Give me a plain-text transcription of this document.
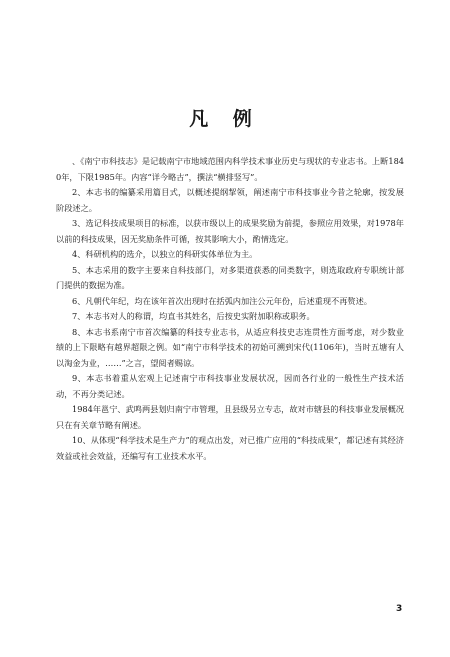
凡 例

、《南宁市科技志》是记载南宁市地域范围内科学技术事业历史与现状的专业志书。上断1840年，下限1985年。内容“详今略古”，撰法“横排竖写”。

2、本志书的编纂采用篇目式，以概述提纲挈领，阐述南宁市科技事业今昔之轮廓，按发展阶段述之。

3、选记科技成果项目的标准，以获市级以上的成果奖励为前提，参照应用效果，对1978年以前的科技成果，因无奖励条件可循，按其影响大小，酌情选定。

4、科研机构的选介，以独立的科研实体单位为主。

5、本志采用的数字主要来自科技部门，对多渠道获悉的同类数字，则选取政府专职统计部门提供的数据为准。

6、凡朝代年纪，均在该年首次出现时在括弧内加注公元年份，后述重现不再赘述。

7、本志书对人的称谓，均直书其姓名，后按史实附加职称或职务。

8、本志书系南宁市首次编纂的科技专业志书，从适应科技史志连贯性方面考虑，对少数业绩的上下限略有越界超限之例。如“南宁市科学技术的初始可溯到宋代(1106年)，当时五塘有人以淘金为业，……”之言，望阅者赐谅。

9、本志书着重从宏观上记述南宁市科技事业发展状况，因而各行业的一般性生产技术活动，不再分类记述。

1984年邕宁、武鸣两县划归南宁市管理，且县级另立专志，故对市辖县的科技事业发展概况只在有关章节略有阐述。

10、从体现“科学技术是生产力”的观点出发，对已推广应用的“科技成果”，都记述有其经济效益或社会效益，还编写有工业技术水平。

3
